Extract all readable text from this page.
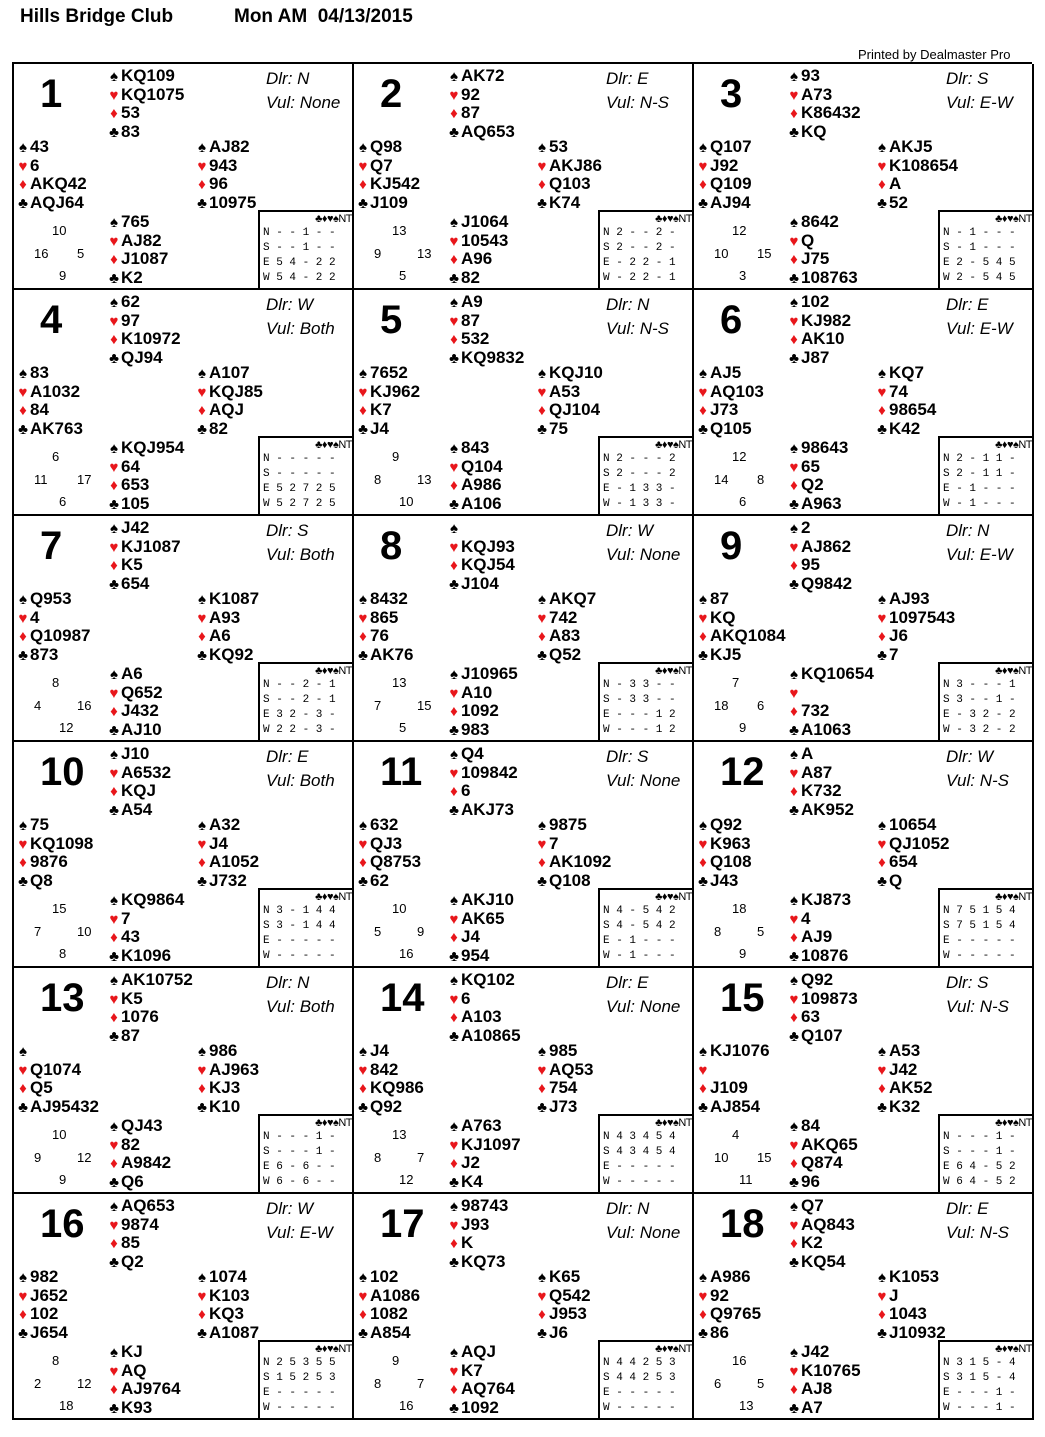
Hills Bridge Club	Mon AM  04/13/2015
Printed by Dealmaster Pro
1	Dlr: N
Vul: None
♠ KQ109
♥ KQ1075
♦ 53
♣ 83
♠ 43
♥ 6
♦ AKQ42
♣ AQJ64
♠ AJ82
♥ 943
♦ 96
♣ 10975
♠ 765
♥ AJ82
♦ J1087
♣ K2
10
16 5
9
♣♦♥♠NT
N - - 1 - -
S - - 1 - -
E 5 4 - 2 2
W 5 4 - 2 2
2	Dlr: E
Vul: N-S
♠ AK72
♥ 92
♦ 87
♣ AQ653
♠ Q98
♥ Q7
♦ KJ542
♣ J109
♠ 53
♥ AKJ86
♦ Q103
♣ K74
♠ J1064
♥ 10543
♦ A96
♣ 82
13
9	13
5
♣♦♥♠NT
N 2 - - 2 -
S 2 - - 2 -
E - 2 2 - 1
W - 2 2 - 1
3	Dlr: S
Vul: E-W
♠ 93
♥ A73
♦ K86432
♣ KQ
♠ Q107
♥ J92
♦ Q109
♣ AJ94
♠ AKJ5
♥ K108654
♦ A
♣ 52
♠ 8642
♥ Q
♦ J75
♣ 108763
12
10 15
3
♣♦♥♠NT
N - 1 - - -
S - 1 - - -
E 2 - 5 4 5
W 2 - 5 4 5
4	Dlr: W
Vul: Both
♠ 62
♥ 97
♦ K10972
♣ QJ94
♠ 83
♥ A1032
♦ 84
♣ AK763
♠ A107
♥ KQJ85
♦ AQJ
♣ 82
♠ KQJ954
♥ 64
♦ 653
♣ 105
6
11 17
6
♣♦♥♠NT
N - - - - -
S - - - - -
E 5 2 7 2 5
W 5 2 7 2 5
5	Dlr: N
Vul: N-S
♠ A9
♥ 87
♦ 532
♣ KQ9832
♠ 7652
♥ KJ962
♦ K7
♣ J4
♠ KQJ10
♥ A53
♦ QJ104
♣ 75
♠ 843
♥ Q104
♦ A986
♣ A106
9
8	13
10
♣♦♥♠NT
N 2 - - - 2
S 2 - - - 2
E - 1 3 3 -
W - 1 3 3 -
6	Dlr: E
Vul: E-W
♠ 102
♥ KJ982
♦ AK10
♣ J87
♠ AJ5
♥ AQ103
♦ J73
♣ Q105
♠ KQ7
♥ 74
♦ 98654
♣ K42
♠ 98643
♥ 65
♦ Q2
♣ A963
12
14 8
6
♣♦♥♠NT
N 2 - 1 1 -
S 2 - 1 1 -
E - 1 - - -
W - 1 - - -
7	Dlr: S
Vul: Both
♠ J42
♥ KJ1087
♦ K5
♣ 654
♠ Q953
♥ 4
♦ Q10987
♣ 873
♠ K1087
♥ A93
♦ A6
♣ KQ92
♠ A6
♥ Q652
♦ J432
♣ AJ10
8
4	16
12
♣♦♥♠NT
N - - 2 - 1
S - - 2 - 1
E 3 2 - 3 -
W 2 2 - 3 -
8	Dlr: W
Vul: None
♠
♥ KQJ93
♦ KQJ54
♣ J104
♠ 8432
♥ 865
♦ 76
♣ AK76
♠ AKQ7
♥ 742
♦ A83
♣ Q52
♠ J10965
♥ A10
♦ 1092
♣ 983
13
7	15
5
♣♦♥♠NT
N - 3 3 - -
S - 3 3 - -
E - - - 1 2
W - - - 1 2
9	Dlr: N
Vul: E-W
♠ 2
♥ AJ862
♦ 95
♣ Q9842
♠ 87
♥ KQ
♦ AKQ1084
♣ KJ5
♠ AJ93
♥ 1097543
♦ J6
♣ 7
♠ KQ10654
♥
♦ 732
♣ A1063
7
18 6
9
♣♦♥♠NT
N 3 - - - 1
S 3 - - 1 -
E - 3 2 - 2
W - 3 2 - 2
10	Dlr: E
Vul: Both
♠ J10
♥ A6532
♦ KQJ
♣ A54
♠ 75
♥ KQ1098
♦ 9876
♣ Q8
♠ A32
♥ J4
♦ A1052
♣ J732
♠ KQ9864
♥ 7
♦ 43
♣ K1096
15
7	10
8
♣♦♥♠NT
N 3 - 1 4 4
S 3 - 1 4 4
E - - - - -
W - - - - -
11	Dlr: S
Vul: None
♠ Q4
♥ 109842
♦ 6
♣ AKJ73
♠ 632
♥ QJ3
♦ Q8753
♣ 62
♠ 9875
♥ 7
♦ AK1092
♣ Q108
♠ AKJ10
♥ AK65
♦ J4
♣ 954
10
5	9
16
♣♦♥♠NT
N 4 - 5 4 2
S 4 - 5 4 2
E - 1 - - -
W - 1 - - -
12	Dlr: W
Vul: N-S
♠ A
♥ A87
♦ K732
♣ AK952
♠ Q92
♥ K963
♦ Q108
♣ J43
♠ 10654
♥ QJ1052
♦ 654
♣ Q
♠ KJ873
♥ 4
♦ AJ9
♣ 10876
18
8	5
9
♣♦♥♠NT
N 7 5 1 5 4
S 7 5 1 5 4
E - - - - -
W - - - - -
13	Dlr: N
Vul: Both
♠ AK10752
♥ K5
♦ 1076
♣ 87
♠
♥ Q1074
♦ Q5
♣ AJ95432
♠ 986
♥ AJ963
♦ KJ3
♣ K10
♠ QJ43
♥ 82
♦ A9842
♣ Q6
10
9	12
9
♣♦♥♠NT
N - - - 1 -
S - - - 1 -
E 6 - 6 - -
W 6 - 6 - -
14	Dlr: E
Vul: None
♠ KQ102
♥ 6
♦ A103
♣ A10865
♠ J4
♥ 842
♦ KQ986
♣ Q92
♠ 985
♥ AQ53
♦ 754
♣ J73
♠ A763
♥ KJ1097
♦ J2
♣ K4
13
8	7
12
♣♦♥♠NT
N 4 3 4 5 4
S 4 3 4 5 4
E - - - - -
W - - - - -
15	Dlr: S
Vul: N-S
♠ Q92
♥ 109873
♦ 63
♣ Q107
♠ KJ1076
♥
♦ J109
♣ AJ854
♠ A53
♥ J42
♦ AK52
♣ K32
♠ 84
♥ AKQ65
♦ Q874
♣ 96
4
10 15
11
♣♦♥♠NT
N - - - 1 -
S - - - 1 -
E 6 4 - 5 2
W 6 4 - 5 2
16	Dlr: W
Vul: E-W
♠ AQ653
♥ 9874
♦ 85
♣ Q2
♠ 982
♥ J652
♦ 102
♣ J654
♠ 1074
♥ K103
♦ KQ3
♣ A1087
♠ KJ
♥ AQ
♦ AJ9764
♣ K93
8
2	12
18
♣♦♥♠NT
N 2 5 3 5 5
S 1 5 2 5 3
E - - - - -
W - - - - -
17	Dlr: N
Vul: None
♠ 98743
♥ J93
♦ K
♣ KQ73
♠ 102
♥ A1086
♦ 1082
♣ A854
♠ K65
♥ Q542
♦ J953
♣ J6
♠ AQJ
♥ K7
♦ AQ764
♣ 1092
9
8	7
16
♣♦♥♠NT
N 4 4 2 5 3
S 4 4 2 5 3
E - - - - -
W - - - - -
18	Dlr: E
Vul: N-S
♠ Q7
♥ AQ843
♦ K2
♣ KQ54
♠ A986
♥ 92
♦ Q9765
♣ 86
♠ K1053
♥ J
♦ 1043
♣ J10932
♠ J42
♥ K10765
♦ AJ8
♣ A7
16
6	5
13
♣♦♥♠NT
N 3 1 5 - 4
S 3 1 5 - 4
E - - - 1 -
W - - - 1 -
